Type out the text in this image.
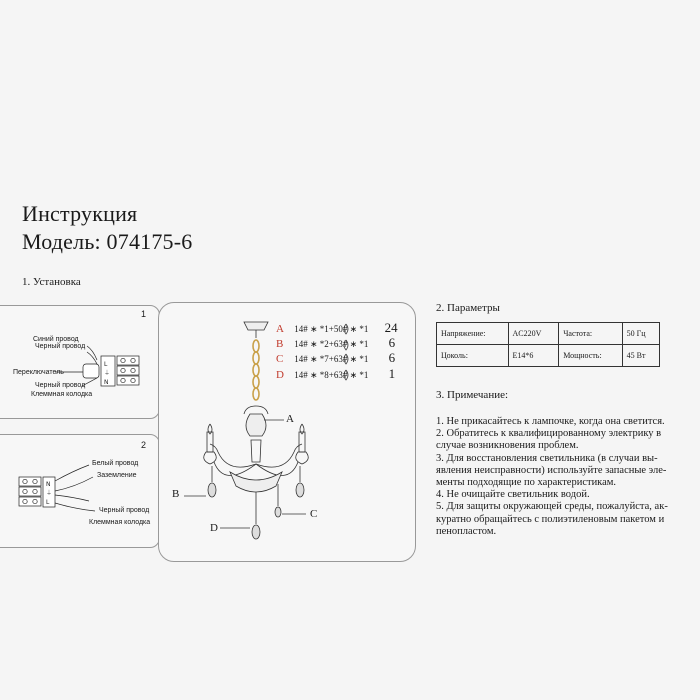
Инструкция
Модель: 074175-6
1. Установка
1
Синий провод
Черный провод
Переключатель
Черный провод
Клеммная колодка
L
⏚
N
2
Белый провод
Заземление
Черный провод
Клеммная колодка
N
⏚
L
A 14# ∗ *1+50# ∗ *1 24
B 14# ∗ *2+63# ∗ *1 6
C 14# ∗ *7+63# ∗ *1 6
D 14# ∗ *8+63# ∗ *1 1
A
B
C
D
2. Параметры
Напряжение:	AC220V	Частота:	50 Гц
Цоколь:	E14*6	Мощность:	45 Вт
3. Примечание:
1. Не прикасайтесь к лампочке, когда она светится.
2. Обратитесь к квалифицированному электрику в
случае возникновения проблем.
3. Для восстановления светильника (в случаи вы-
явления неисправности) используйте запасные элe-
менты подходящие по характеристикам.
4. Не очищайте светильник водой.
5. Для защиты окружающей среды, пожалуйста, ак-
куратно обращайтесь с полиэтиленовым пакетом и
пенопластом.
